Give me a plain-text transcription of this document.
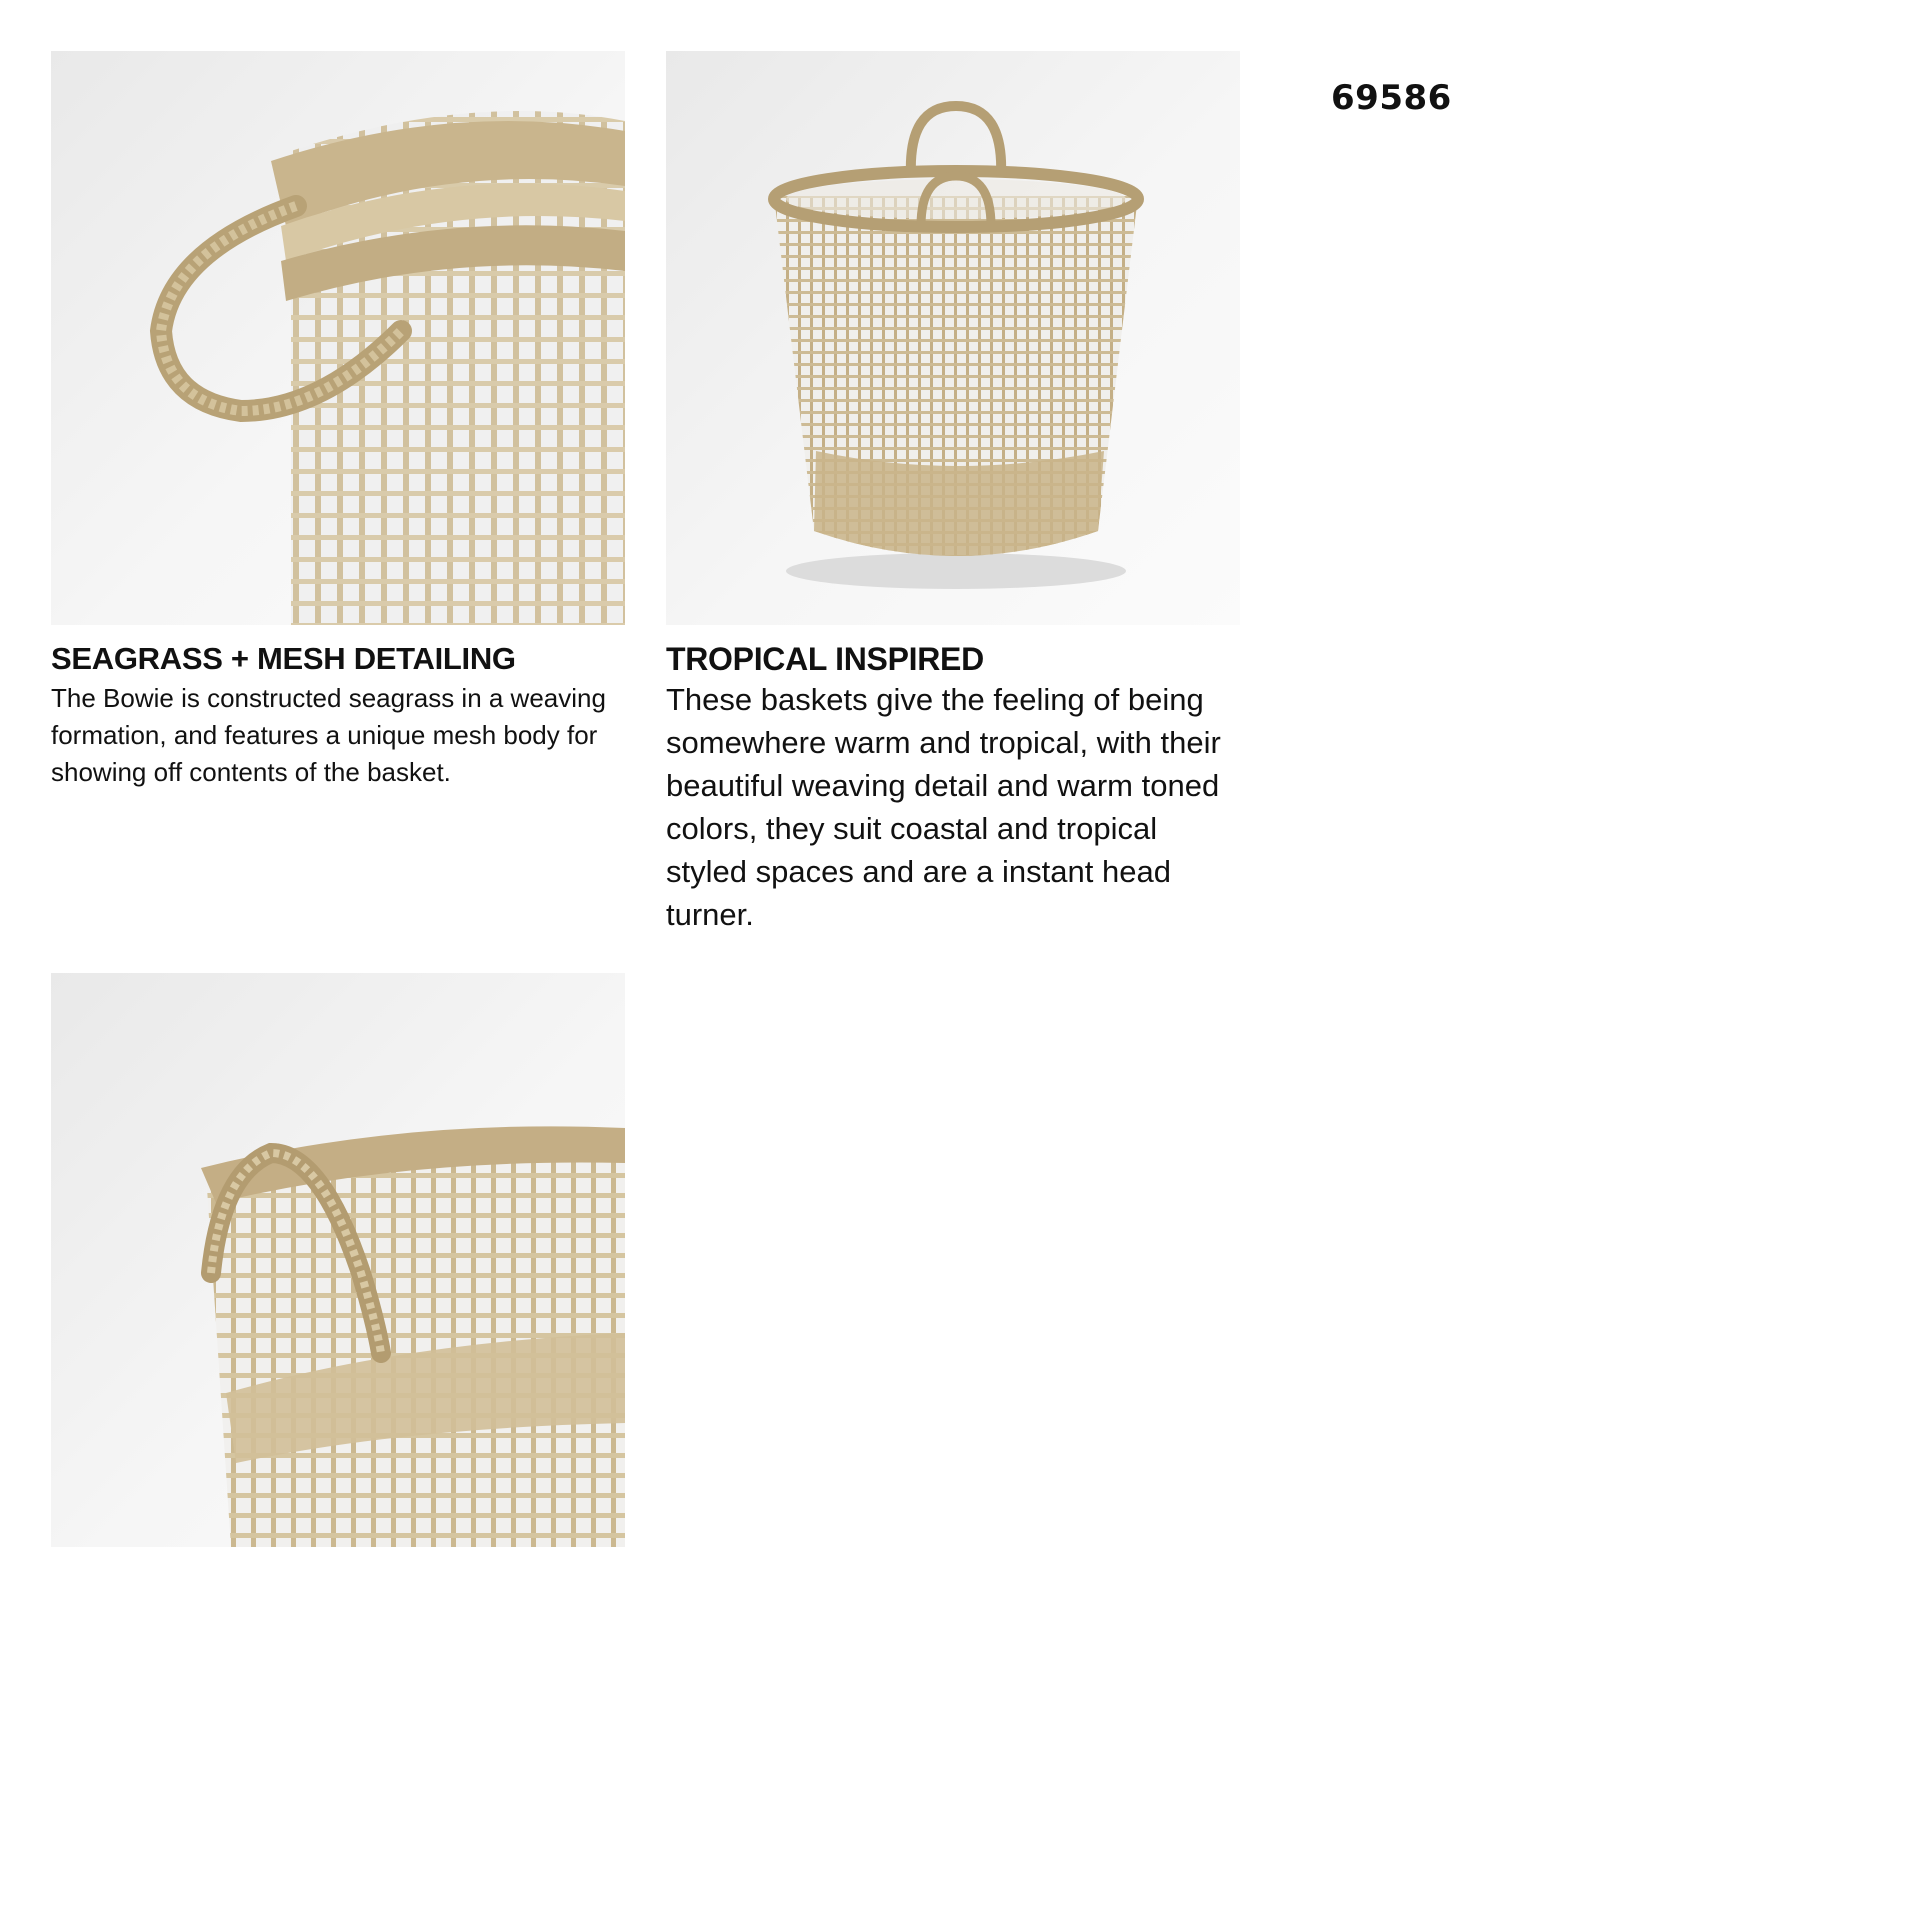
69586
SEAGRASS + MESH DETAILING

The Bowie is constructed seagrass in a weaving formation, and features a unique mesh body for showing off contents of the basket.

TROPICAL INSPIRED

These baskets give the feeling of being somewhere warm and tropical, with their beautiful weaving detail and warm toned colors, they suit coastal and tropical styled spaces and are a instant head turner.
